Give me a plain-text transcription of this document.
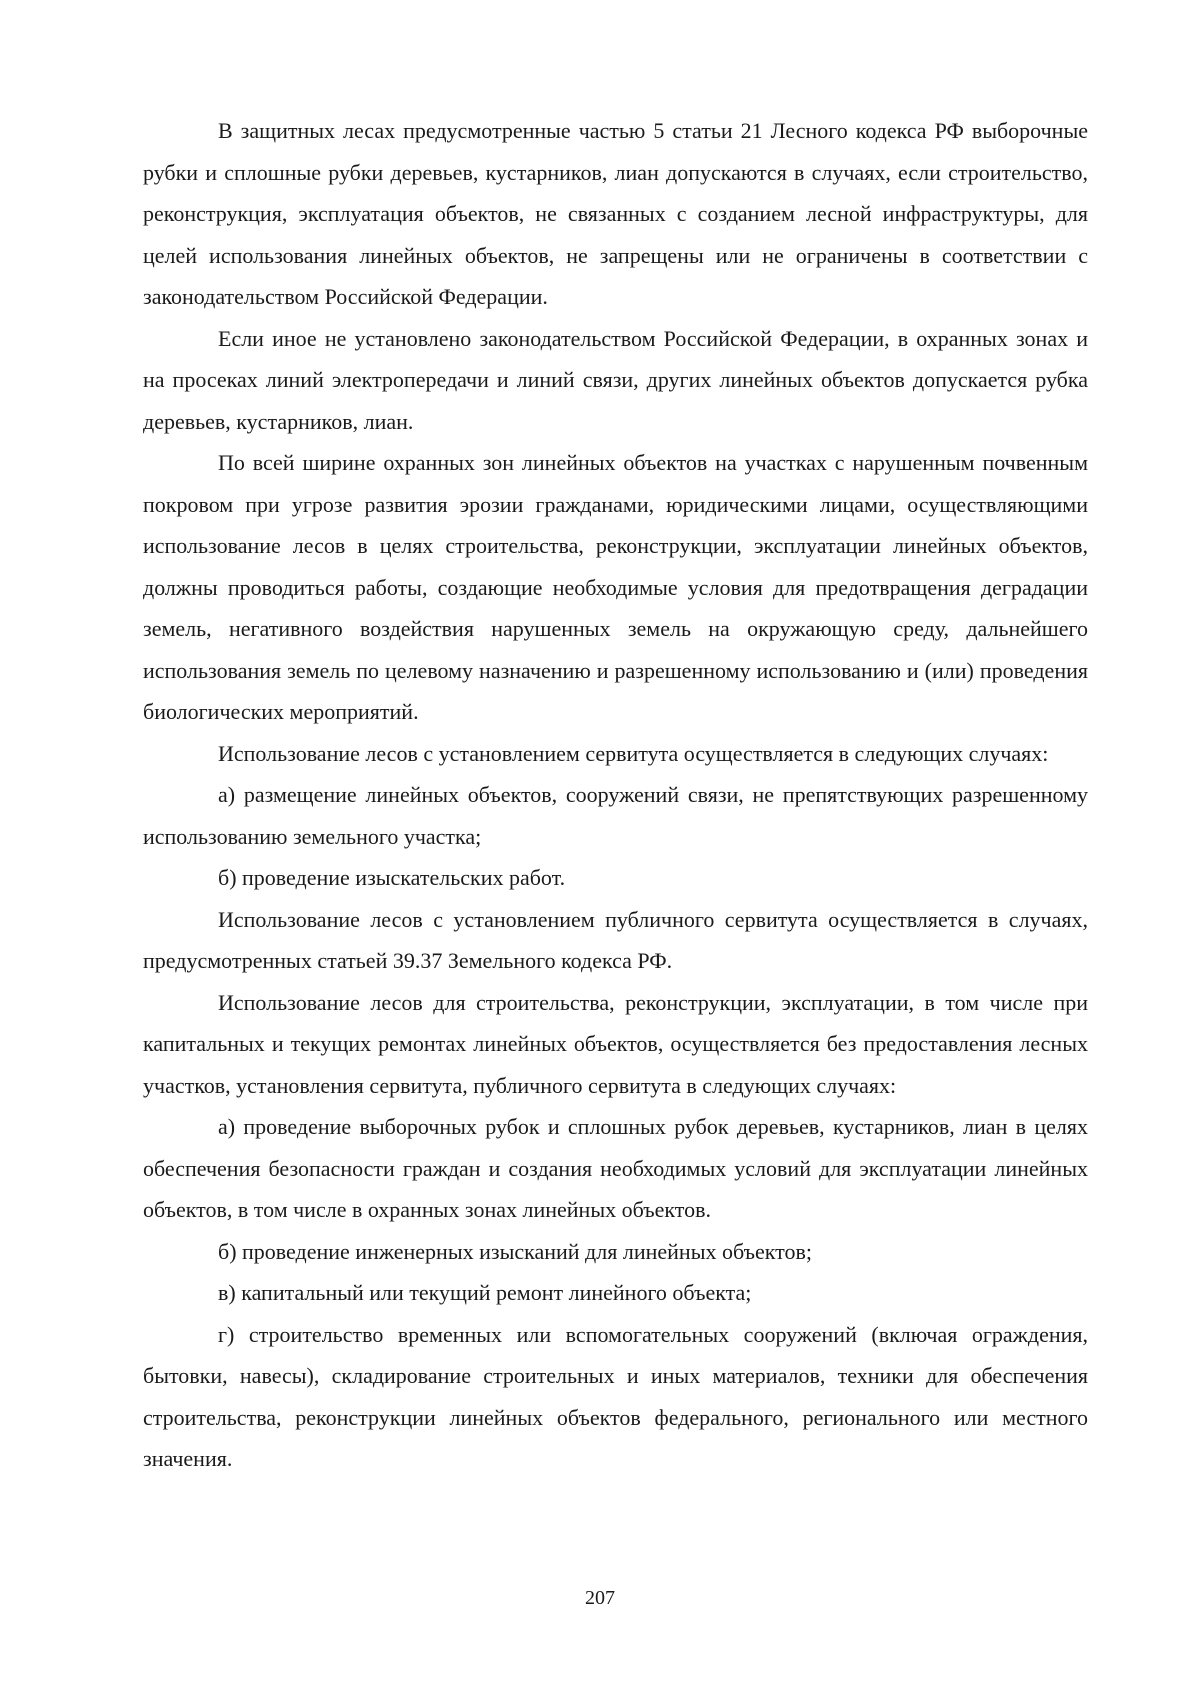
В защитных лесах предусмотренные частью 5 статьи 21 Лесного кодекса РФ выборочные рубки и сплошные рубки деревьев, кустарников, лиан допускаются в случаях, если строительство, реконструкция, эксплуатация объектов, не связанных с созданием лесной инфраструктуры, для целей использования линейных объектов, не запрещены или не ограничены в соответствии с законодательством Российской Федерации.

Если иное не установлено законодательством Российской Федерации, в охранных зонах и на просеках линий электропередачи и линий связи, других линейных объектов допускается рубка деревьев, кустарников, лиан.

По всей ширине охранных зон линейных объектов на участках с нарушенным почвенным покровом при угрозе развития эрозии гражданами, юридическими лицами, осуществляющими использование лесов в целях строительства, реконструкции, эксплуатации линейных объектов, должны проводиться работы, создающие необходимые условия для предотвращения деградации земель, негативного воздействия нарушенных земель на окружающую среду, дальнейшего использования земель по целевому назначению и разрешенному использованию и (или) проведения биологических мероприятий.

Использование лесов с установлением сервитута осуществляется в следующих случаях:

а) размещение линейных объектов, сооружений связи, не препятствующих разрешенному использованию земельного участка;

б) проведение изыскательских работ.

Использование лесов с установлением публичного сервитута осуществляется в случаях, предусмотренных статьей 39.37 Земельного кодекса РФ.

Использование лесов для строительства, реконструкции, эксплуатации, в том числе при капитальных и текущих ремонтах линейных объектов, осуществляется без предоставления лесных участков, установления сервитута, публичного сервитута в следующих случаях:

а) проведение выборочных рубок и сплошных рубок деревьев, кустарников, лиан в целях обеспечения безопасности граждан и создания необходимых условий для эксплуатации линейных объектов, в том числе в охранных зонах линейных объектов.

б) проведение инженерных изысканий для линейных объектов;

в) капитальный или текущий ремонт линейного объекта;

г) строительство временных или вспомогательных сооружений (включая ограждения, бытовки, навесы), складирование строительных и иных материалов, техники для обеспечения строительства, реконструкции линейных объектов федерального, регионального или местного значения.

207
